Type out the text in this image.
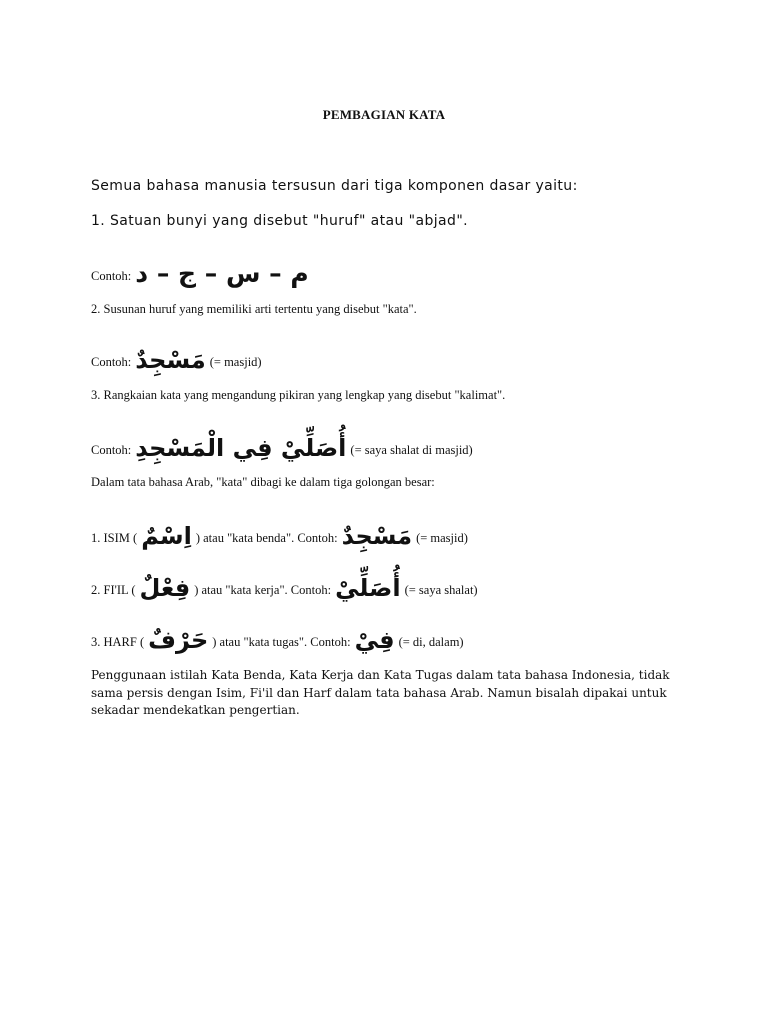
PEMBAGIAN KATA
Semua bahasa manusia tersusun dari tiga komponen dasar yaitu:
1. Satuan bunyi yang disebut "huruf" atau "abjad".
Contoh: م – س – ج – د
2. Susunan huruf yang memiliki arti tertentu yang disebut "kata".
Contoh: مَسْجِدٌ (= masjid)
3. Rangkaian kata yang mengandung pikiran yang lengkap yang disebut "kalimat".
Contoh: أُصَلِّيْ فِي الْمَسْجِدِ (= saya shalat di masjid)
Dalam tata bahasa Arab, "kata" dibagi ke dalam tiga golongan besar:
1. ISIM ( اِسْمٌ ) atau "kata benda". Contoh: مَسْجِدٌ (= masjid)
2. FI'IL ( فِعْلٌ ) atau "kata kerja". Contoh: أُصَلِّيْ (= saya shalat)
3. HARF ( حَرْفٌ ) atau "kata tugas". Contoh: فِيْ (= di, dalam)
Penggunaan istilah Kata Benda, Kata Kerja dan Kata Tugas dalam tata bahasa Indonesia, tidak sama persis dengan Isim, Fi'il dan Harf dalam tata bahasa Arab. Namun bisalah dipakai untuk sekadar mendekatkan pengertian.
